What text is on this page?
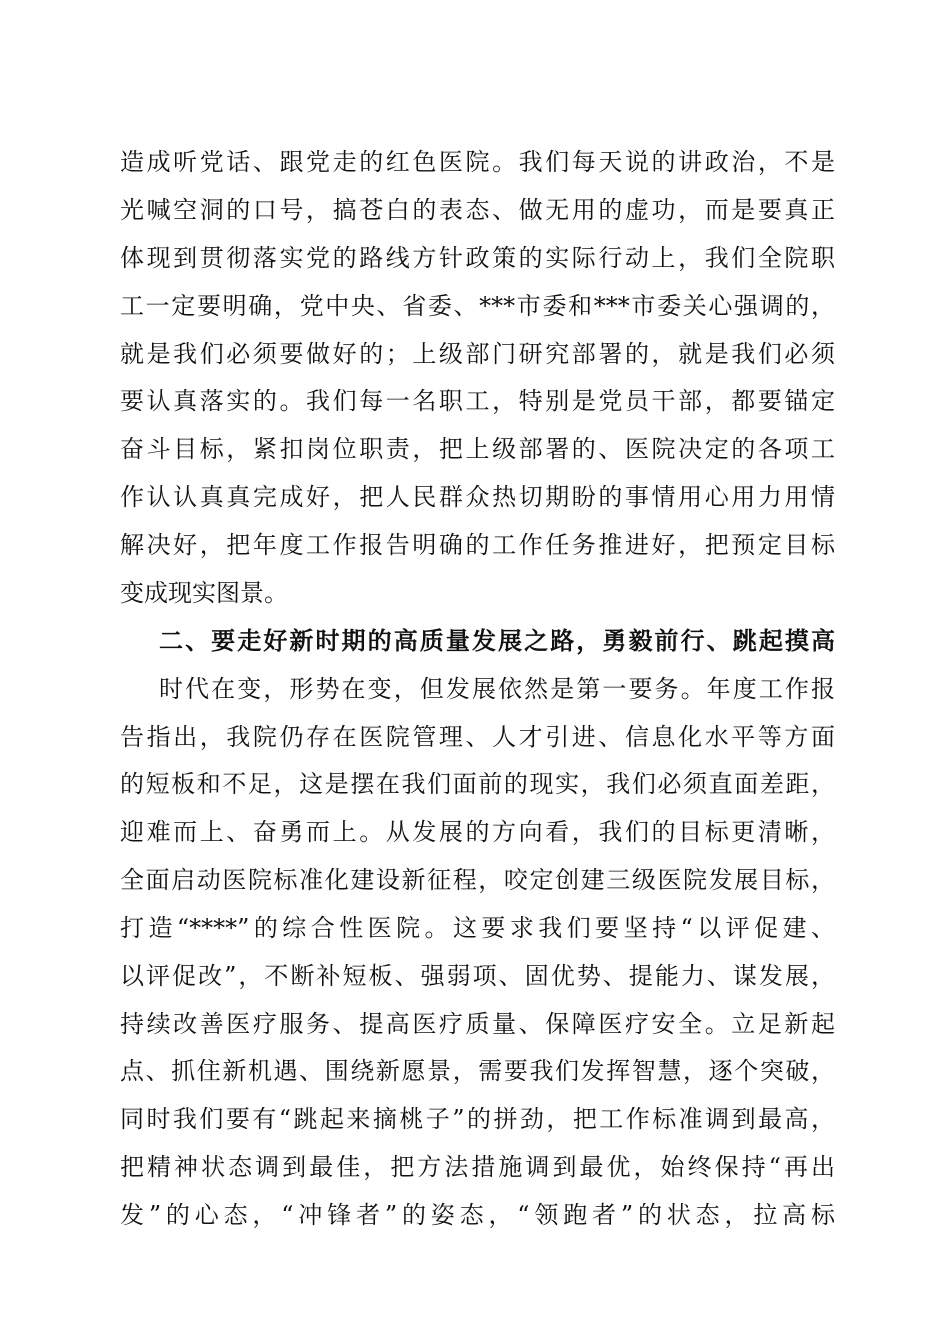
造成听党话、跟党走的红色医院。我们每天说的讲政治，不是
光喊空洞的口号，搞苍白的表态、做无用的虚功，而是要真正
体现到贯彻落实党的路线方针政策的实际行动上，我们全院职
工一定要明确，党中央、省委、***市委和***市委关心强调的，
就是我们必须要做好的；上级部门研究部署的，就是我们必须
要认真落实的。我们每一名职工，特别是党员干部，都要锚定
奋斗目标，紧扣岗位职责，把上级部署的、医院决定的各项工
作认认真真完成好，把人民群众热切期盼的事情用心用力用情
解决好，把年度工作报告明确的工作任务推进好，把预定目标
变成现实图景。
二、要走好新时期的高质量发展之路，勇毅前行、跳起摸高
时代在变，形势在变，但发展依然是第一要务。年度工作报
告指出，我院仍存在医院管理、人才引进、信息化水平等方面
的短板和不足，这是摆在我们面前的现实，我们必须直面差距，
迎难而上、奋勇而上。从发展的方向看，我们的目标更清晰，
全面启动医院标准化建设新征程，咬定创建三级医院发展目标，
打造“****”的综合性医院。这要求我们要坚持“以评促建、
以评促改”，不断补短板、强弱项、固优势、提能力、谋发展，
持续改善医疗服务、提高医疗质量、保障医疗安全。立足新起
点、抓住新机遇、围绕新愿景，需要我们发挥智慧，逐个突破，
同时我们要有“跳起来摘桃子”的拼劲，把工作标准调到最高，
把精神状态调到最佳，把方法措施调到最优，始终保持“再出
发”的心态，“冲锋者”的姿态，“领跑者”的状态，拉高标
